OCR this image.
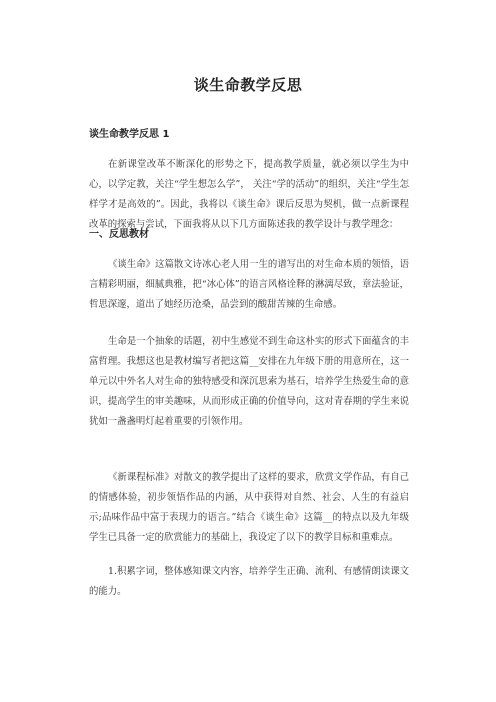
谈生命教学反思
谈生命教学反思 1

在新课堂改革不断深化的形势之下，提高教学质量，就必须以学生为中心，以学定教，关注“学生想怎么学”， 关注“学的活动”的组织，关注“学生怎样学才是高效的”。因此，我将以《谈生命》课后反思为契机，做一点新课程改革的探索与尝试，下面我将从以下几方面陈述我的教学设计与教学理念：

一、反思教材

《谈生命》这篇散文诗冰心老人用一生的谱写出的对生命本质的领悟，语言精彩明丽，细腻典雅，把“冰心体”的语言风格诠释的淋漓尽致，章法验证，哲思深邃，道出了她经历沧桑，品尝到的酸甜苦辣的生命感。

生命是一个抽象的话题，初中生感觉不到生命这朴实的形式下面蕴含的丰富哲理。我想这也是教材编写者把这篇__安排在九年级下册的用意所在，这一单元以中外名人对生命的独特感受和深沉思索为基石，培养学生热爱生命的意识，提高学生的审美趣味，从而形成正确的价值导向，这对青春期的学生来说犹如一盏盏明灯起着重要的引领作用。

《新课程标准》对散文的教学提出了这样的要求，欣赏文学作品，有自己的情感体验，初步领悟作品的内涵，从中获得对自然、社会、人生的有益启示;品味作品中富于表现力的语言。”结合《谈生命》这篇__的特点以及九年级学生已具备一定的欣赏能力的基础上，我设定了以下的教学目标和重难点。

1.积累字词，整体感知课文内容，培养学生正确、流利、有感情朗读课文的能力。
